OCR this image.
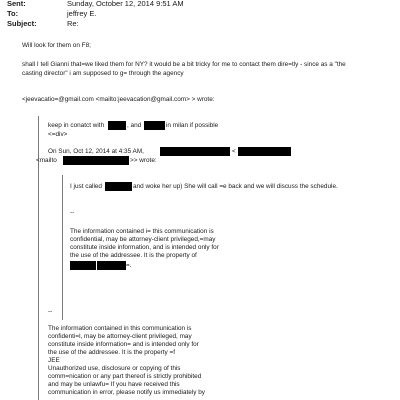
Sent:	Sunday, October 12, 2014 9:51 AM
To:	jeffrey E.
Subject:	Re:
Will look for them on F8;
shall I tell Gianni that=we liked them for NY? it would be a bit tricky for me to contact them dire=tly - since as a "the
casting director" i am supposed to g= through the agency
<jeevacatio=@gmail.com <mailto:jeevacation@gmail.com> > wrote:
keep in conatct with	, and	in milan if possible
<=div>
On Sun, Oct 12, 2014 at 4:35 AM,	<
<mailto	>> wrote:
I just called	and woke her up) She will call =e back and we will discuss the schedule.
--
The information contained i= this communication is
confidential, may be attorney-client privileged,=may
constitute inside information, and is intended only for
the use of the addressee. It is the property of
=.
--
The information contained in this communication is
confidenti=l, may be attorney-client privileged, may
constitute inside information= and is intended only for
the use of the addressee. It is the property =f
JEE
Unauthorized use, disclosure or copying of this
comm=nication or any part thereof is strictly prohibited
and may be unlawfu= If you have received this
communication in error, please notify us immediately by
